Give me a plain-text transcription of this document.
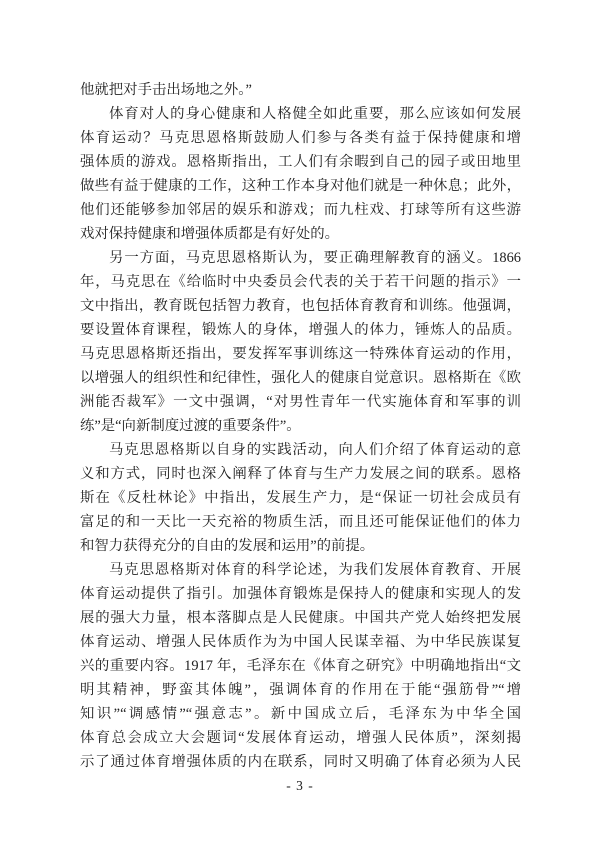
他就把对手击出场地之外。”
体育对人的身心健康和人格健全如此重要，那么应该如何发展
体育运动？马克思恩格斯鼓励人们参与各类有益于保持健康和增
强体质的游戏。恩格斯指出，工人们有余暇到自己的园子或田地里
做些有益于健康的工作，这种工作本身对他们就是一种休息；此外，
他们还能够参加邻居的娱乐和游戏；而九柱戏、打球等所有这些游
戏对保持健康和增强体质都是有好处的。
另一方面，马克思恩格斯认为，要正确理解教育的涵义。1866
年，马克思在《给临时中央委员会代表的关于若干问题的指示》一
文中指出，教育既包括智力教育，也包括体育教育和训练。他强调，
要设置体育课程，锻炼人的身体，增强人的体力，锤炼人的品质。
马克思恩格斯还指出，要发挥军事训练这一特殊体育运动的作用，
以增强人的组织性和纪律性，强化人的健康自觉意识。恩格斯在《欧
洲能否裁军》一文中强调，“对男性青年一代实施体育和军事的训
练”是“向新制度过渡的重要条件”。
马克思恩格斯以自身的实践活动，向人们介绍了体育运动的意
义和方式，同时也深入阐释了体育与生产力发展之间的联系。恩格
斯在《反杜林论》中指出，发展生产力，是“保证一切社会成员有
富足的和一天比一天充裕的物质生活，而且还可能保证他们的体力
和智力获得充分的自由的发展和运用”的前提。
马克思恩格斯对体育的科学论述，为我们发展体育教育、开展
体育运动提供了指引。加强体育锻炼是保持人的健康和实现人的发
展的强大力量，根本落脚点是人民健康。中国共产党人始终把发展
体育运动、增强人民体质作为为中国人民谋幸福、为中华民族谋复
兴的重要内容。1917 年，毛泽东在《体育之研究》中明确地指出“文
明其精神，野蛮其体魄”，强调体育的作用在于能“强筋骨”“增
知识”“调感情”“强意志”。新中国成立后，毛泽东为中华全国
体育总会成立大会题词“发展体育运动，增强人民体质”，深刻揭
示了通过体育增强体质的内在联系，同时又明确了体育必须为人民
- 3 -
